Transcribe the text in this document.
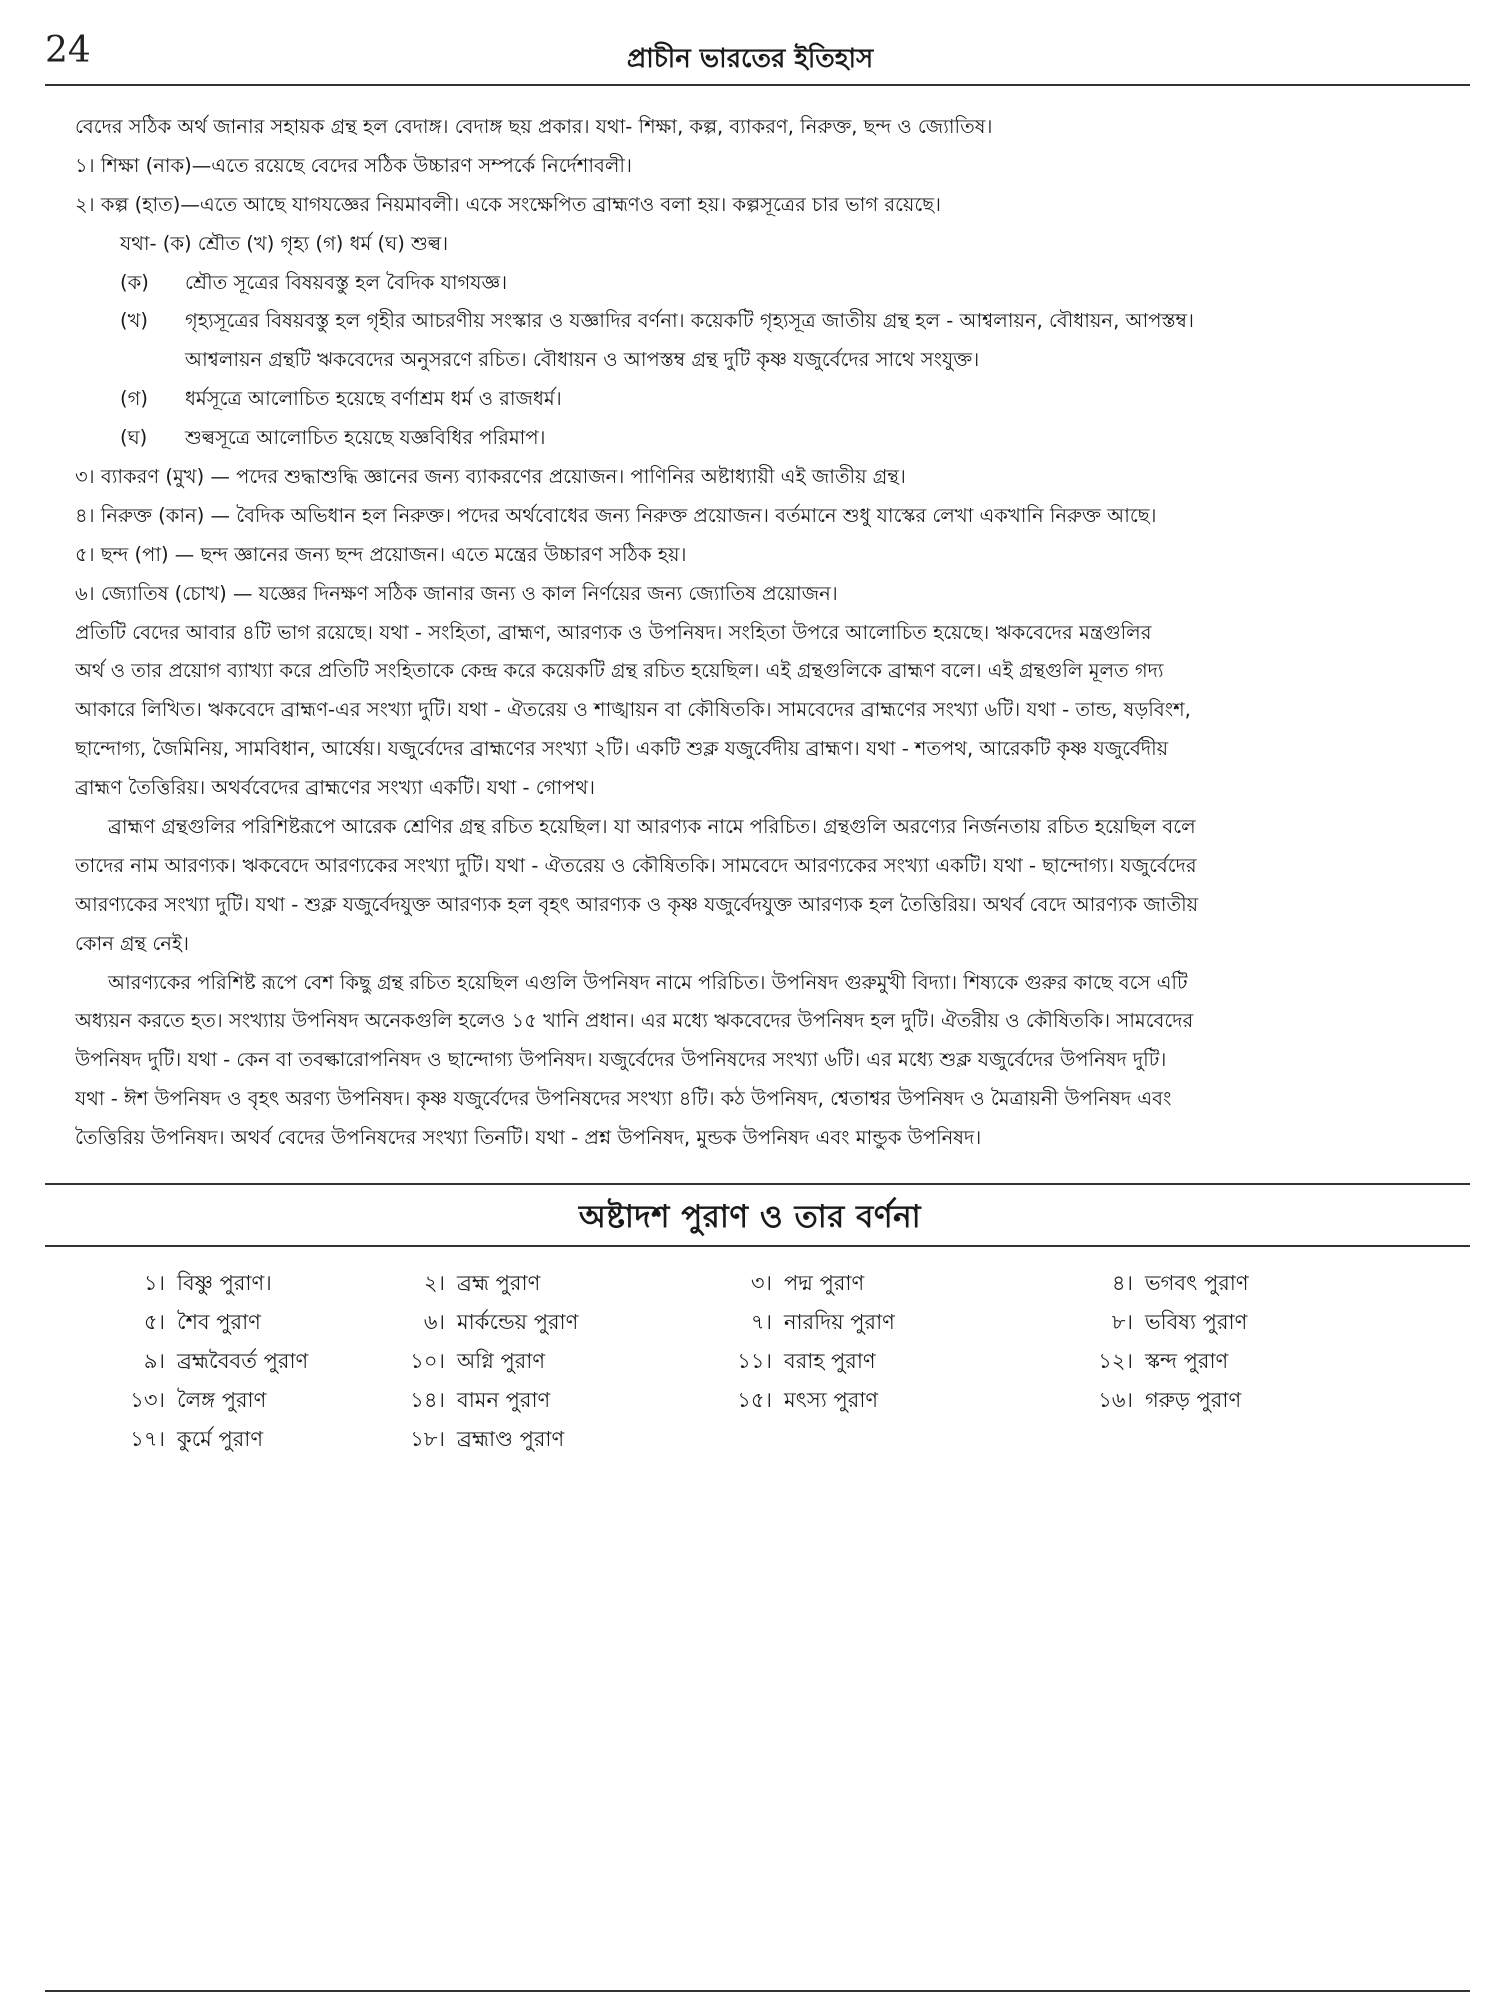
24	প্রাচীন ভারতের ইতিহাস
বেদের সঠিক অর্থ জানার সহায়ক গ্রন্থ হল বেদাঙ্গ। বেদাঙ্গ ছয় প্রকার। যথা- শিক্ষা, কল্প, ব্যাকরণ, নিরুক্ত, ছন্দ ও জ্যোতিষ।
১। শিক্ষা (নাক)—এতে রয়েছে বেদের সঠিক উচ্চারণ সম্পর্কে নির্দেশাবলী।
২। কল্প (হাত)—এতে আছে যাগযজ্ঞের নিয়মাবলী। একে সংক্ষেপিত ব্রাহ্মণও বলা হয়। কল্পসূত্রের চার ভাগ রয়েছে।
যথা- (ক) শ্রৌত (খ) গৃহ্য (গ) ধর্ম (ঘ) শুল্ব।
(ক)	শ্রৌত সূত্রের বিষয়বস্তু হল বৈদিক যাগযজ্ঞ।
(খ)	গৃহ্যসূত্রের বিষয়বস্তু হল গৃহীর আচরণীয় সংস্কার ও যজ্ঞাদির বর্ণনা। কয়েকটি গৃহ্যসূত্র জাতীয় গ্রন্থ হল - আশ্বলায়ন, বৌধায়ন, আপস্তম্ব।
আশ্বলায়ন গ্রন্থটি ঋকবেদের অনুসরণে রচিত। বৌধায়ন ও আপস্তম্ব গ্রন্থ দুটি কৃষ্ণ যজুর্বেদের সাথে সংযুক্ত।
(গ)	ধর্মসূত্রে আলোচিত হয়েছে বর্ণাশ্রম ধর্ম ও রাজধর্ম।
(ঘ)	শুল্বসূত্রে আলোচিত হয়েছে যজ্ঞবিধির পরিমাপ।
৩। ব্যাকরণ (মুখ) — পদের শুদ্ধাশুদ্ধি জ্ঞানের জন্য ব্যাকরণের প্রয়োজন। পাণিনির অষ্টাধ্যায়ী এই জাতীয় গ্রন্থ।
৪। নিরুক্ত (কান) — বৈদিক অভিধান হল নিরুক্ত। পদের অর্থবোধের জন্য নিরুক্ত প্রয়োজন। বর্তমানে শুধু যাস্কের লেখা একখানি নিরুক্ত আছে।
৫। ছন্দ (পা) — ছন্দ জ্ঞানের জন্য ছন্দ প্রয়োজন। এতে মন্ত্রের উচ্চারণ সঠিক হয়।
৬। জ্যোতিষ (চোখ) — যজ্ঞের দিনক্ষণ সঠিক জানার জন্য ও কাল নির্ণয়ের জন্য জ্যোতিষ প্রয়োজন।
প্রতিটি বেদের আবার ৪টি ভাগ রয়েছে। যথা - সংহিতা, ব্রাহ্মণ, আরণ্যক ও উপনিষদ। সংহিতা উপরে আলোচিত হয়েছে। ঋকবেদের মন্ত্রগুলির
অর্থ ও তার প্রয়োগ ব্যাখ্যা করে প্রতিটি সংহিতাকে কেন্দ্র করে কয়েকটি গ্রন্থ রচিত হয়েছিল। এই গ্রন্থগুলিকে ব্রাহ্মণ বলে। এই গ্রন্থগুলি মূলত গদ্য
আকারে লিখিত। ঋকবেদে ব্রাহ্মণ-এর সংখ্যা দুটি। যথা - ঐতরেয় ও শাঙ্খায়ন বা কৌষিতকি। সামবেদের ব্রাহ্মণের সংখ্যা ৬টি। যথা - তান্ড, ষড়বিংশ,
ছান্দোগ্য, জৈমিনিয়, সামবিধান, আর্ষেয়। যজুর্বেদের ব্রাহ্মণের সংখ্যা ২টি। একটি শুক্ল যজুর্বেদীয় ব্রাহ্মণ। যথা - শতপথ, আরেকটি কৃষ্ণ যজুর্বেদীয়
ব্রাহ্মণ তৈত্তিরিয়। অথর্ববেদের ব্রাহ্মণের সংখ্যা একটি। যথা - গোপথ।
ব্রাহ্মণ গ্রন্থগুলির পরিশিষ্টরূপে আরেক শ্রেণির গ্রন্থ রচিত হয়েছিল। যা আরণ্যক নামে পরিচিত। গ্রন্থগুলি অরণ্যের নির্জনতায় রচিত হয়েছিল বলে
তাদের নাম আরণ্যক। ঋকবেদে আরণ্যকের সংখ্যা দুটি। যথা - ঐতরেয় ও কৌষিতকি। সামবেদে আরণ্যকের সংখ্যা একটি। যথা - ছান্দোগ্য। যজুর্বেদের
আরণ্যকের সংখ্যা দুটি। যথা - শুক্ল যজুর্বেদযুক্ত আরণ্যক হল বৃহৎ আরণ্যক ও কৃষ্ণ যজুর্বেদযুক্ত আরণ্যক হল তৈত্তিরিয়। অথর্ব বেদে আরণ্যক জাতীয়
কোন গ্রন্থ নেই।
আরণ্যকের পরিশিষ্ট রূপে বেশ কিছু গ্রন্থ রচিত হয়েছিল এগুলি উপনিষদ নামে পরিচিত। উপনিষদ গুরুমুখী বিদ্যা। শিষ্যকে গুরুর কাছে বসে এটি
অধ্যয়ন করতে হত। সংখ্যায় উপনিষদ অনেকগুলি হলেও ১৫ খানি প্রধান। এর মধ্যে ঋকবেদের উপনিষদ হল দুটি। ঐতরীয় ও কৌষিতকি। সামবেদের
উপনিষদ দুটি। যথা - কেন বা তবল্কারোপনিষদ ও ছান্দোগ্য উপনিষদ। যজুর্বেদের উপনিষদের সংখ্যা ৬টি। এর মধ্যে শুক্ল যজুর্বেদের উপনিষদ দুটি।
যথা - ঈশ উপনিষদ ও বৃহৎ অরণ্য উপনিষদ। কৃষ্ণ যজুর্বেদের উপনিষদের সংখ্যা ৪টি। কঠ উপনিষদ, শ্বেতাশ্বর উপনিষদ ও মৈত্রায়নী উপনিষদ এবং
তৈত্তিরিয় উপনিষদ। অথর্ব বেদের উপনিষদের সংখ্যা তিনটি। যথা - প্রশ্ন উপনিষদ, মুন্ডক উপনিষদ এবং মান্ডুক উপনিষদ।
অষ্টাদশ পুরাণ ও তার বর্ণনা
১। বিষ্ণু পুরাণ।	২। ব্রহ্ম পুরাণ	৩। পদ্ম পুরাণ	৪। ভগবৎ পুরাণ
৫। শৈব পুরাণ	৬। মার্কন্ডেয় পুরাণ	৭। নারদিয় পুরাণ	৮। ভবিষ্য পুরাণ
৯। ব্রহ্মবৈবর্ত পুরাণ	১০। অগ্নি পুরাণ	১১। বরাহ পুরাণ	১২। স্কন্দ পুরাণ
১৩। লৈঙ্গ পুরাণ	১৪। বামন পুরাণ	১৫। মৎস্য পুরাণ	১৬। গরুড় পুরাণ
১৭। কুর্মে পুরাণ	১৮। ব্রহ্মাণ্ড পুরাণ
